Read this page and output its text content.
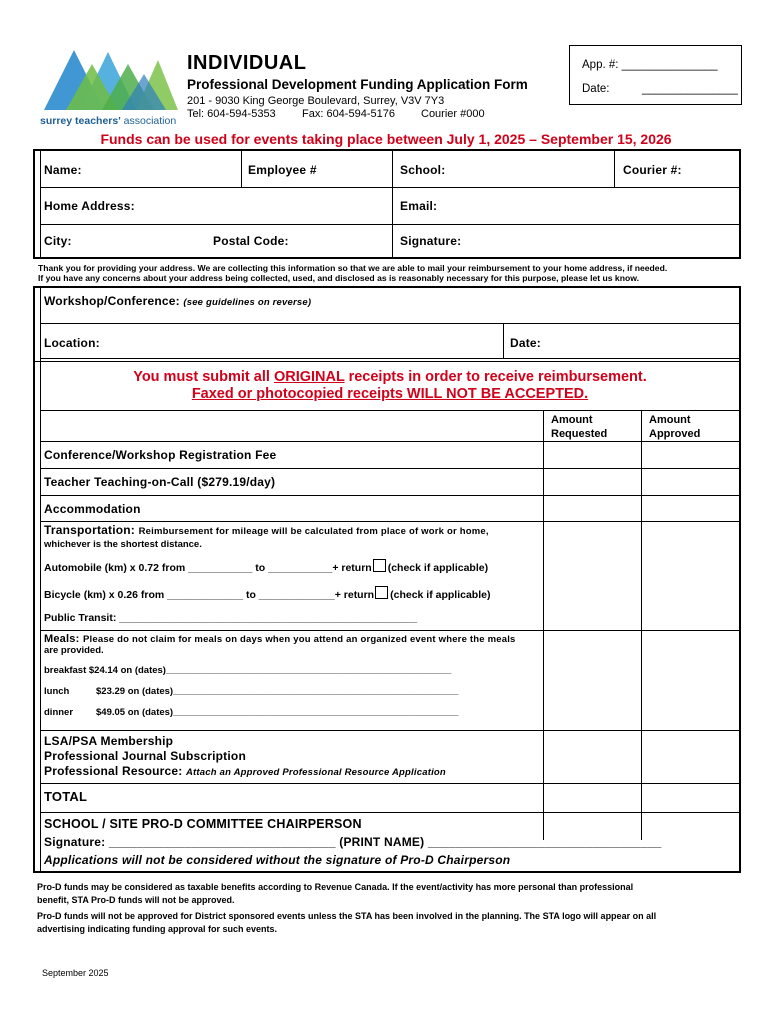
surrey teachers' association
INDIVIDUAL
Professional Development Funding Application Form
201 - 9030 King George Boulevard, Surrey, V3V 7Y3
Tel: 604-594-5353 Fax: 604-594-5176 Courier #000
App. #: _______________
Date:	_______________
Funds can be used for events taking place between July 1, 2025 – September 15, 2026
Name:	Employee #	School:	Courier #:
Home Address:	Email:
City:	Postal Code:	Signature:
Thank you for providing your address. We are collecting this information so that we are able to mail your reimbursement to your home address, if needed.
If you have any concerns about your address being collected, used, and disclosed as is reasonably necessary for this purpose, please let us know.
Workshop/Conference: (see guidelines on reverse)
Location:	Date:
You must submit all ORIGINAL receipts in order to receive reimbursement.
Faxed or photocopied receipts WILL NOT BE ACCEPTED.
Amount
Requested
Amount
Approved
Conference/Workshop Registration Fee
Teacher Teaching-on-Call ($279.19/day)
Accommodation
Transportation: Reimbursement for mileage will be calculated from place of work or home,
whichever is the shortest distance.
Automobile (km) x 0.72 from ___________ to ___________+ return (check if applicable)
Bicycle (km) x 0.26 from _____________ to _____________+ return (check if applicable)
Public Transit: ___________________________________________________
Meals: Please do not claim for meals on days when you attend an organized event where the meals
are provided.
breakfast $24.14 on (dates)______________________________________________________
lunch	$23.29 on (dates)______________________________________________________
dinner $49.05 on (dates)______________________________________________________
LSA/PSA Membership
Professional Journal Subscription
Professional Resource: Attach an Approved Professional Resource Application
TOTAL
SCHOOL / SITE PRO-D COMMITTEE CHAIRPERSON
Signature: _________________________________ (PRINT NAME) __________________________________
Applications will not be considered without the signature of Pro-D Chairperson
Pro-D funds may be considered as taxable benefits according to Revenue Canada. If the event/activity has more personal than professional
benefit, STA Pro-D funds will not be approved.
Pro-D funds will not be approved for District sponsored events unless the STA has been involved in the planning. The STA logo will appear on all
advertising indicating funding approval for such events.
September 2025
